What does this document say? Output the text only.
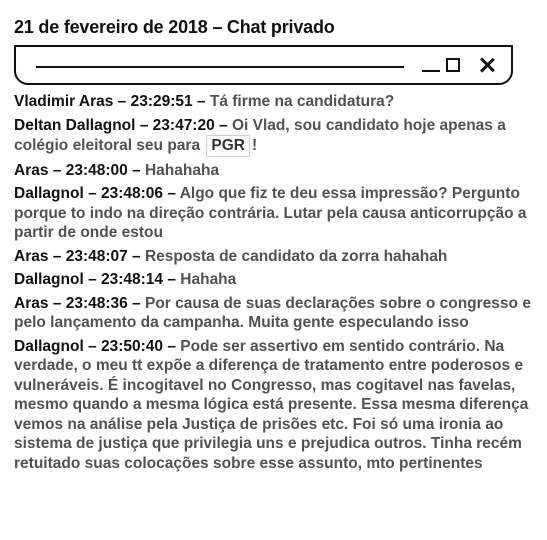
21 de fevereiro de 2018 – Chat privado
Vladimir Aras – 23:29:51 – Tá firme na candidatura?
Deltan Dallagnol – 23:47:20 – Oi Vlad, sou candidato hoje apenas a colégio eleitoral seu para PGR !
Aras – 23:48:00 – Hahahaha
Dallagnol – 23:48:06 – Algo que fiz te deu essa impressão? Pergunto porque to indo na direção contrária. Lutar pela causa anticorrupção a partir de onde estou
Aras – 23:48:07 – Resposta de candidato da zorra hahahah
Dallagnol – 23:48:14 – Hahaha
Aras – 23:48:36 – Por causa de suas declarações sobre o congresso e pelo lançamento da campanha. Muita gente especulando isso
Dallagnol – 23:50:40 – Pode ser assertivo em sentido contrário. Na verdade, o meu tt expõe a diferença de tratamento entre poderosos e vulneráveis. É incogitavel no Congresso, mas cogitavel nas favelas, mesmo quando a mesma lógica está presente. Essa mesma diferença vemos na análise pela Justiça de prisões etc. Foi só uma ironia ao sistema de justiça que privilegia uns e prejudica outros. Tinha recém retuitado suas colocações sobre esse assunto, mto pertinentes
